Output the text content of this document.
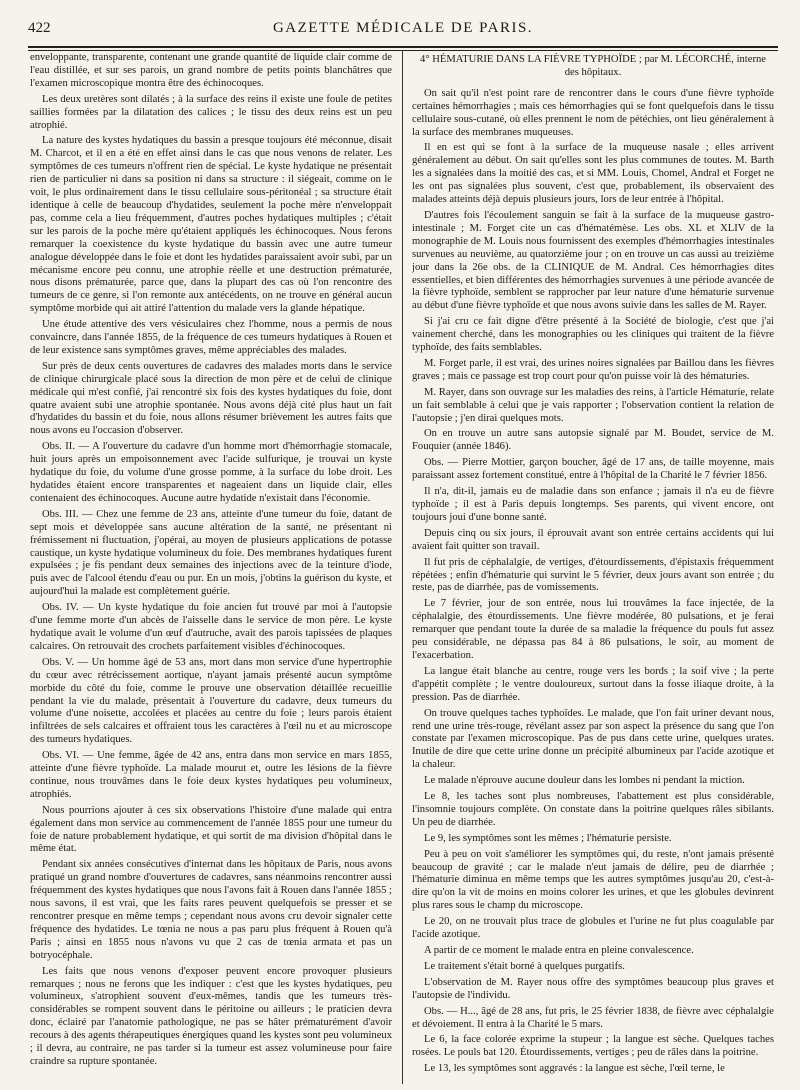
422	GAZETTE MÉDICALE DE PARIS.

enveloppante, transparente, contenant une grande quantité de liquide clair comme de l'eau distillée, et sur ses parois, un grand nombre de petits points blanchâtres que l'examen microscopique montra être des échinocoques.

Les deux uretères sont dilatés ; à la surface des reins il existe une foule de petites saillies formées par la dilatation des calices ; le tissu des deux reins est un peu atrophié.

La nature des kystes hydatiques du bassin a presque toujours été méconnue, disait M. Charcot, et il en a été en effet ainsi dans le cas que nous venons de relater. Les symptômes de ces tumeurs n'offrent rien de spécial. Le kyste hydatique ne présentait rien de particulier ni dans sa position ni dans sa structure : il siégeait, comme on le voit, le plus ordinairement dans le tissu cellulaire sous-péritonéal ; sa structure était identique à celle de beaucoup d'hydatides, seulement la poche mère n'enveloppait pas, comme cela a lieu fréquemment, d'autres poches hydatiques multiples ; c'était sur les parois de la poche mère qu'étaient appliqués les échinocoques. Nous ferons remarquer la coexistence du kyste hydatique du bassin avec une autre tumeur analogue développée dans le foie et dont les hydatides paraissaient avoir subi, par un mécanisme encore peu connu, une atrophie réelle et une destruction prématurée, nous disons prématurée, parce que, dans la plupart des cas où l'on rencontre des tumeurs de ce genre, si l'on remonte aux antécédents, on ne trouve en général aucun symptôme morbide qui ait attiré l'attention du malade vers la glande hépatique.

Une étude attentive des vers vésiculaires chez l'homme, nous a permis de nous convaincre, dans l'année 1855, de la fréquence de ces tumeurs hydatiques à Rouen et de leur existence sans symptômes graves, même appréciables des malades.

Sur près de deux cents ouvertures de cadavres des malades morts dans le service de clinique chirurgicale placé sous la direction de mon père et de celui de clinique médicale qui m'est confié, j'ai rencontré six fois des kystes hydatiques du foie, dont quatre avaient subi une atrophie spontanée. Nous avons déjà cité plus haut un fait d'hydatides du bassin et du foie, nous allons résumer brièvement les autres faits que nous avons eu l'occasion d'observer.

Obs. II. — A l'ouverture du cadavre d'un homme mort d'hémorrhagie stomacale, huit jours après un empoisonnement avec l'acide sulfurique, je trouvai un kyste hydatique du foie, du volume d'une grosse pomme, à la surface du lobe droit. Les hydatides étaient encore transparentes et nageaient dans un liquide clair, elles contenaient des échinocoques. Aucune autre hydatide n'existait dans l'économie.

Obs. III. — Chez une femme de 23 ans, atteinte d'une tumeur du foie, datant de sept mois et développée sans aucune altération de la santé, ne présentant ni frémissement ni fluctuation, j'opérai, au moyen de plusieurs applications de potasse caustique, un kyste hydatique volumineux du foie. Des membranes hydatiques furent expulsées ; je fis pendant deux semaines des injections avec de la teinture d'iode, puis avec de l'alcool étendu d'eau ou pur. En un mois, j'obtins la guérison du kyste, et aujourd'hui la malade est complètement guérie.

Obs. IV. — Un kyste hydatique du foie ancien fut trouvé par moi à l'autopsie d'une femme morte d'un abcès de l'aisselle dans le service de mon père. Le kyste hydatique avait le volume d'un œuf d'autruche, avait des parois tapissées de plaques calcaires. On retrouvait des crochets parfaitement visibles d'échinocoques.

Obs. V. — Un homme âgé de 53 ans, mort dans mon service d'une hypertrophie du cœur avec rétrécissement aortique, n'ayant jamais présenté aucun symptôme morbide du côté du foie, comme le prouve une observation détaillée recueillie pendant la vie du malade, présentait à l'ouverture du cadavre, deux tumeurs du volume d'une noisette, accolées et placées au centre du foie ; leurs parois étaient infiltrées de sels calcaires et offraient tous les caractères à l'œil nu et au microscope des tumeurs hydatiques.

Obs. VI. — Une femme, âgée de 42 ans, entra dans mon service en mars 1855, atteinte d'une fièvre typhoïde. La malade mourut et, outre les lésions de la fièvre continue, nous trouvâmes dans le foie deux kystes hydatiques peu volumineux, atrophiés.

Nous pourrions ajouter à ces six observations l'histoire d'une malade qui entra également dans mon service au commencement de l'année 1855 pour une tumeur du foie de nature probablement hydatique, et qui sortit de ma division d'hôpital dans le même état.

Pendant six années consécutives d'internat dans les hôpitaux de Paris, nous avons pratiqué un grand nombre d'ouvertures de cadavres, sans néanmoins rencontrer aussi fréquemment des kystes hydatiques que nous l'avons fait à Rouen dans l'année 1855 ; nous savons, il est vrai, que les faits rares peuvent quelquefois se presser et se rencontrer presque en même temps ; cependant nous avons cru devoir signaler cette fréquence des hydatides. Le tœnia ne nous a pas paru plus fréquent à Rouen qu'à Paris ; ainsi en 1855 nous n'avons vu que 2 cas de tœnia armata et pas un botryocéphale.

Les faits que nous venons d'exposer peuvent encore provoquer plusieurs remarques ; nous ne ferons que les indiquer : c'est que les kystes hydatiques, peu volumineux, s'atrophient souvent d'eux-mêmes, tandis que les tumeurs très-considérables se rompent souvent dans le péritoine ou ailleurs ; le praticien devra donc, éclairé par l'anatomie pathologique, ne pas se hâter prématurément d'avoir recours à des agents thérapeutiques énergiques quand les kystes sont peu volumineux ; il devra, au contraire, ne pas tarder si la tumeur est assez volumineuse pour faire craindre sa rupture spontanée.

4° HÉMATURIE DANS LA FIÈVRE TYPHOÏDE ; par M. LÉCORCHÉ, interne
des hôpitaux.

On sait qu'il n'est point rare de rencontrer dans le cours d'une fièvre typhoïde certaines hémorrhagies ; mais ces hémorrhagies qui se font quelquefois dans le tissu cellulaire sous-cutané, où elles prennent le nom de pétéchies, ont lieu généralement à la surface des membranes muqueuses.

Il en est qui se font à la surface de la muqueuse nasale ; elles arrivent généralement au début. On sait qu'elles sont les plus communes de toutes. M. Barth les a signalées dans la moitié des cas, et si MM. Louis, Chomel, Andral et Forget ne les ont pas signalées plus souvent, c'est que, probablement, ils observaient des malades atteints déjà depuis plusieurs jours, lors de leur entrée à l'hôpital.

D'autres fois l'écoulement sanguin se fait à la surface de la muqueuse gastro-intestinale ; M. Forget cite un cas d'hématémèse. Les obs. XL et XLIV de la monographie de M. Louis nous fournissent des exemples d'hémorrhagies intestinales survenues au neuvième, au quatorzième jour ; on en trouve un cas aussi au treizième jour dans la 26e obs. de la CLINIQUE de M. Andral. Ces hémorrhagies dites essentielles, et bien différentes des hémorrhagies survenues à une période avancée de la fièvre typhoïde, semblent se rapprocher par leur nature d'une hématurie survenue au début d'une fièvre typhoïde et que nous avons suivie dans les salles de M. Rayer.

Si j'ai cru ce fait digne d'être présenté à la Société de biologie, c'est que j'ai vainement cherché, dans les monographies ou les cliniques qui traitent de la fièvre typhoïde, des faits semblables.

M. Forget parle, il est vrai, des urines noires signalées par Baillou dans les fièvres graves ; mais ce passage est trop court pour qu'on puisse voir là des hématuries.

M. Rayer, dans son ouvrage sur les maladies des reins, à l'article Hématurie, relate un fait semblable à celui que je vais rapporter ; l'observation contient la relation de l'autopsie ; j'en dirai quelques mots.

On en trouve un autre sans autopsie signalé par M. Boudet, service de M. Fouquier (année 1846).

Obs. — Pierre Mottier, garçon boucher, âgé de 17 ans, de taille moyenne, mais paraissant assez fortement constitué, entre à l'hôpital de la Charité le 7 février 1856.

Il n'a, dit-il, jamais eu de maladie dans son enfance ; jamais il n'a eu de fièvre typhoïde ; il est à Paris depuis longtemps. Ses parents, qui vivent encore, ont toujours joui d'une bonne santé.

Depuis cinq ou six jours, il éprouvait avant son entrée certains accidents qui lui avaient fait quitter son travail.

Il fut pris de céphalalgie, de vertiges, d'étourdissements, d'épistaxis fréquemment répétées ; enfin d'hématurie qui survint le 5 février, deux jours avant son entrée ; du reste, pas de diarrhée, pas de vomissements.

Le 7 février, jour de son entrée, nous lui trouvâmes la face injectée, de la céphalalgie, des étourdissements. Une fièvre modérée, 80 pulsations, et je ferai remarquer que pendant toute la durée de sa maladie la fréquence du pouls fut assez peu considérable, ne dépassa pas 84 à 86 pulsations, le soir, au moment de l'exacerbation.

La langue était blanche au centre, rouge vers les bords ; la soif vive ; la perte d'appétit complète ; le ventre douloureux, surtout dans la fosse iliaque droite, à la pression. Pas de diarrhée.

On trouve quelques taches typhoïdes. Le malade, que l'on fait uriner devant nous, rend une urine très-rouge, révélant assez par son aspect la présence du sang que l'on constate par l'examen microscopique. Pas de pus dans cette urine, quelques urates. Inutile de dire que cette urine donne un précipité albumineux par l'acide azotique et la chaleur.

Le malade n'éprouve aucune douleur dans les lombes ni pendant la miction.

Le 8, les taches sont plus nombreuses, l'abattement est plus considérable, l'insomnie toujours complète. On constate dans la poitrine quelques râles sibilants. Un peu de diarrhée.

Le 9, les symptômes sont les mêmes ; l'hématurie persiste.

Peu à peu on voit s'améliorer les symptômes qui, du reste, n'ont jamais présenté beaucoup de gravité ; car le malade n'eut jamais de délire, peu de diarrhée ; l'hématurie diminua en même temps que les autres symptômes jusqu'au 20, c'est-à-dire qu'on la vit de moins en moins colorer les urines, et que les globules devinrent plus rares sous le champ du microscope.

Le 20, on ne trouvait plus trace de globules et l'urine ne fut plus coagulable par l'acide azotique.

A partir de ce moment le malade entra en pleine convalescence.

Le traitement s'était borné à quelques purgatifs.

L'observation de M. Rayer nous offre des symptômes beaucoup plus graves et l'autopsie de l'individu.

Obs. — H..., âgé de 28 ans, fut pris, le 25 février 1838, de fièvre avec céphalalgie et dévoiement. Il entra à la Charité le 5 mars.

Le 6, la face colorée exprime la stupeur ; la langue est sèche. Quelques taches rosées. Le pouls bat 120. Étourdissements, vertiges ; peu de râles dans la poitrine.

Le 13, les symptômes sont aggravés : la langue est sèche, l'œil terne, le
